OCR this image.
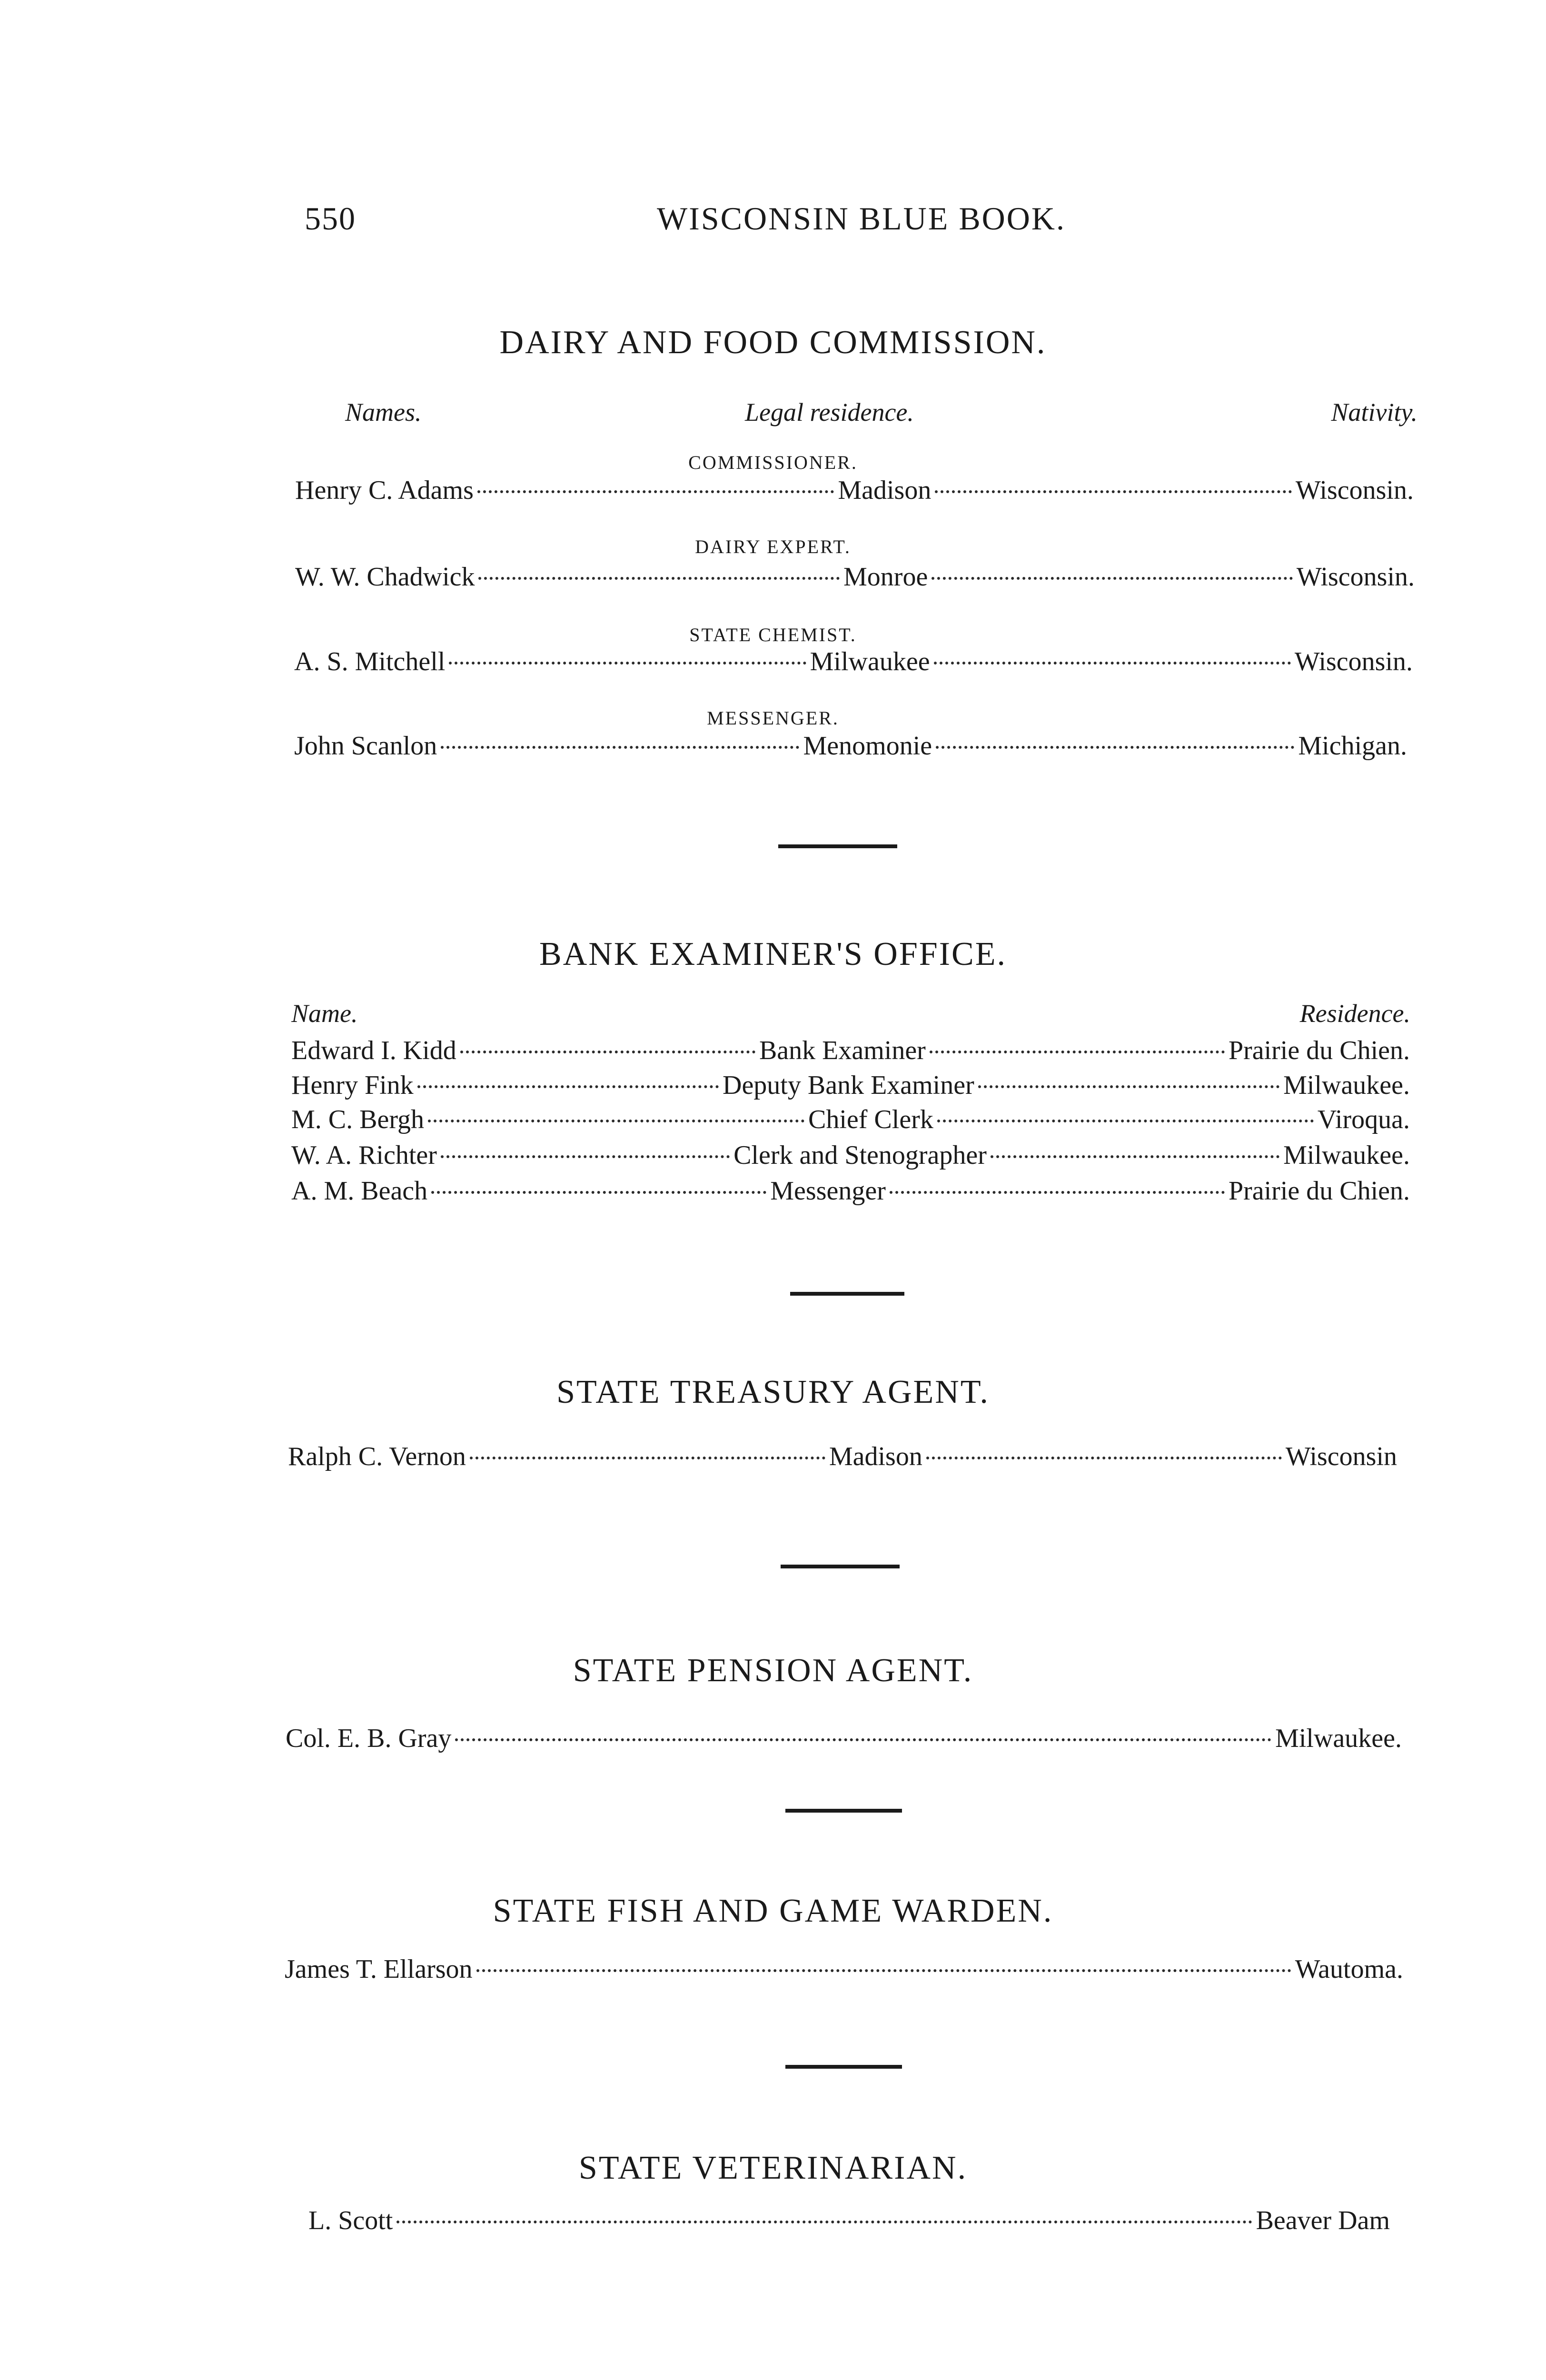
550	WISCONSIN BLUE BOOK.
DAIRY AND FOOD COMMISSION.
Names.	Legal residence.	Nativity.
COMMISSIONER.
Henry C. Adams	Madison	Wisconsin.
DAIRY EXPERT.
W. W. Chadwick	Monroe	Wisconsin.
STATE CHEMIST.
A. S. Mitchell	Milwaukee	Wisconsin.
MESSENGER.
John Scanlon	Menomonie	Michigan.
BANK EXAMINER'S OFFICE.
Name.	Residence.
Edward I. Kidd	Bank Examiner	Prairie du Chien.
Henry Fink	Deputy Bank Examiner	Milwaukee.
M. C. Bergh	Chief Clerk	Viroqua.
W. A. Richter	Clerk and Stenographer	Milwaukee.
A. M. Beach	Messenger	Prairie du Chien.
STATE TREASURY AGENT.
Ralph C. Vernon	Madison	Wisconsin
STATE PENSION AGENT.
Col. E. B. Gray	Milwaukee.
STATE FISH AND GAME WARDEN.
James T. Ellarson	Wautoma.
STATE VETERINARIAN.
L. Scott	Beaver Dam
